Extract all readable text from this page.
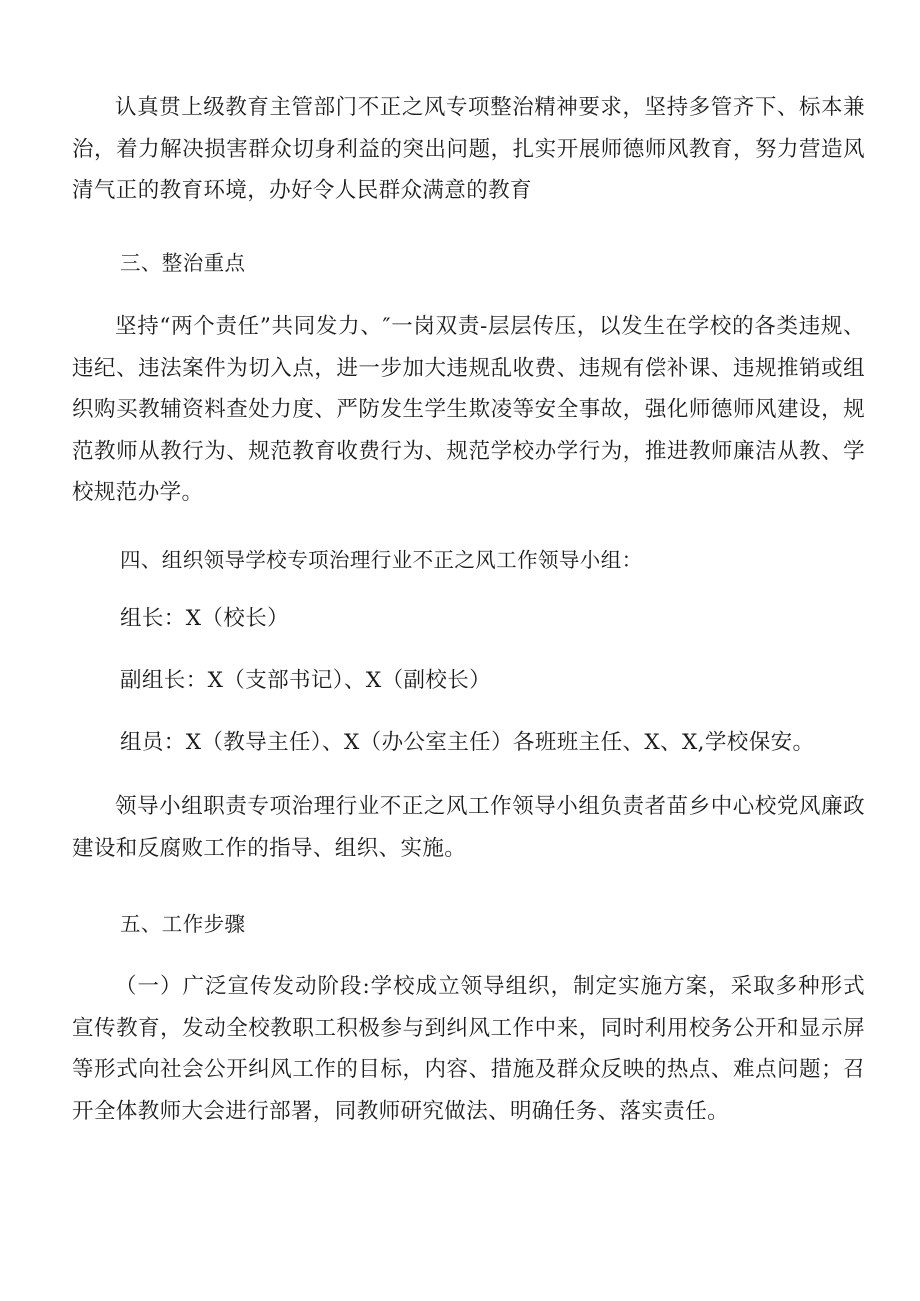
认真贯上级教育主管部门不正之风专项整治精神要求，坚持多管齐下、标本兼治，着力解决损害群众切身利益的突出问题，扎实开展师德师风教育，努力营造风清气正的教育环境，办好令人民群众满意的教育

三、整治重点

坚持“两个责任”共同发力、″一岗双责-层层传压，以发生在学校的各类违规、违纪、违法案件为切入点，进一步加大违规乱收费、违规有偿补课、违规推销或组织购买教辅资料查处力度、严防发生学生欺凌等安全事故，强化师德师风建设，规范教师从教行为、规范教育收费行为、规范学校办学行为，推进教师廉洁从教、学校规范办学。

四、组织领导学校专项治理行业不正之风工作领导小组：

组长：X（校长）

副组长：X（支部书记）、X（副校长）

组员：X（教导主任）、X（办公室主任）各班班主任、X、X,学校保安。

领导小组职责专项治理行业不正之风工作领导小组负责者苗乡中心校党风廉政建设和反腐败工作的指导、组织、实施。

五、工作步骤

（一）广泛宣传发动阶段:学校成立领导组织，制定实施方案，采取多种形式宣传教育，发动全校教职工积极参与到纠风工作中来，同时利用校务公开和显示屏等形式向社会公开纠风工作的目标，内容、措施及群众反映的热点、难点问题；召开全体教师大会进行部署，同教师研究做法、明确任务、落实责任。
